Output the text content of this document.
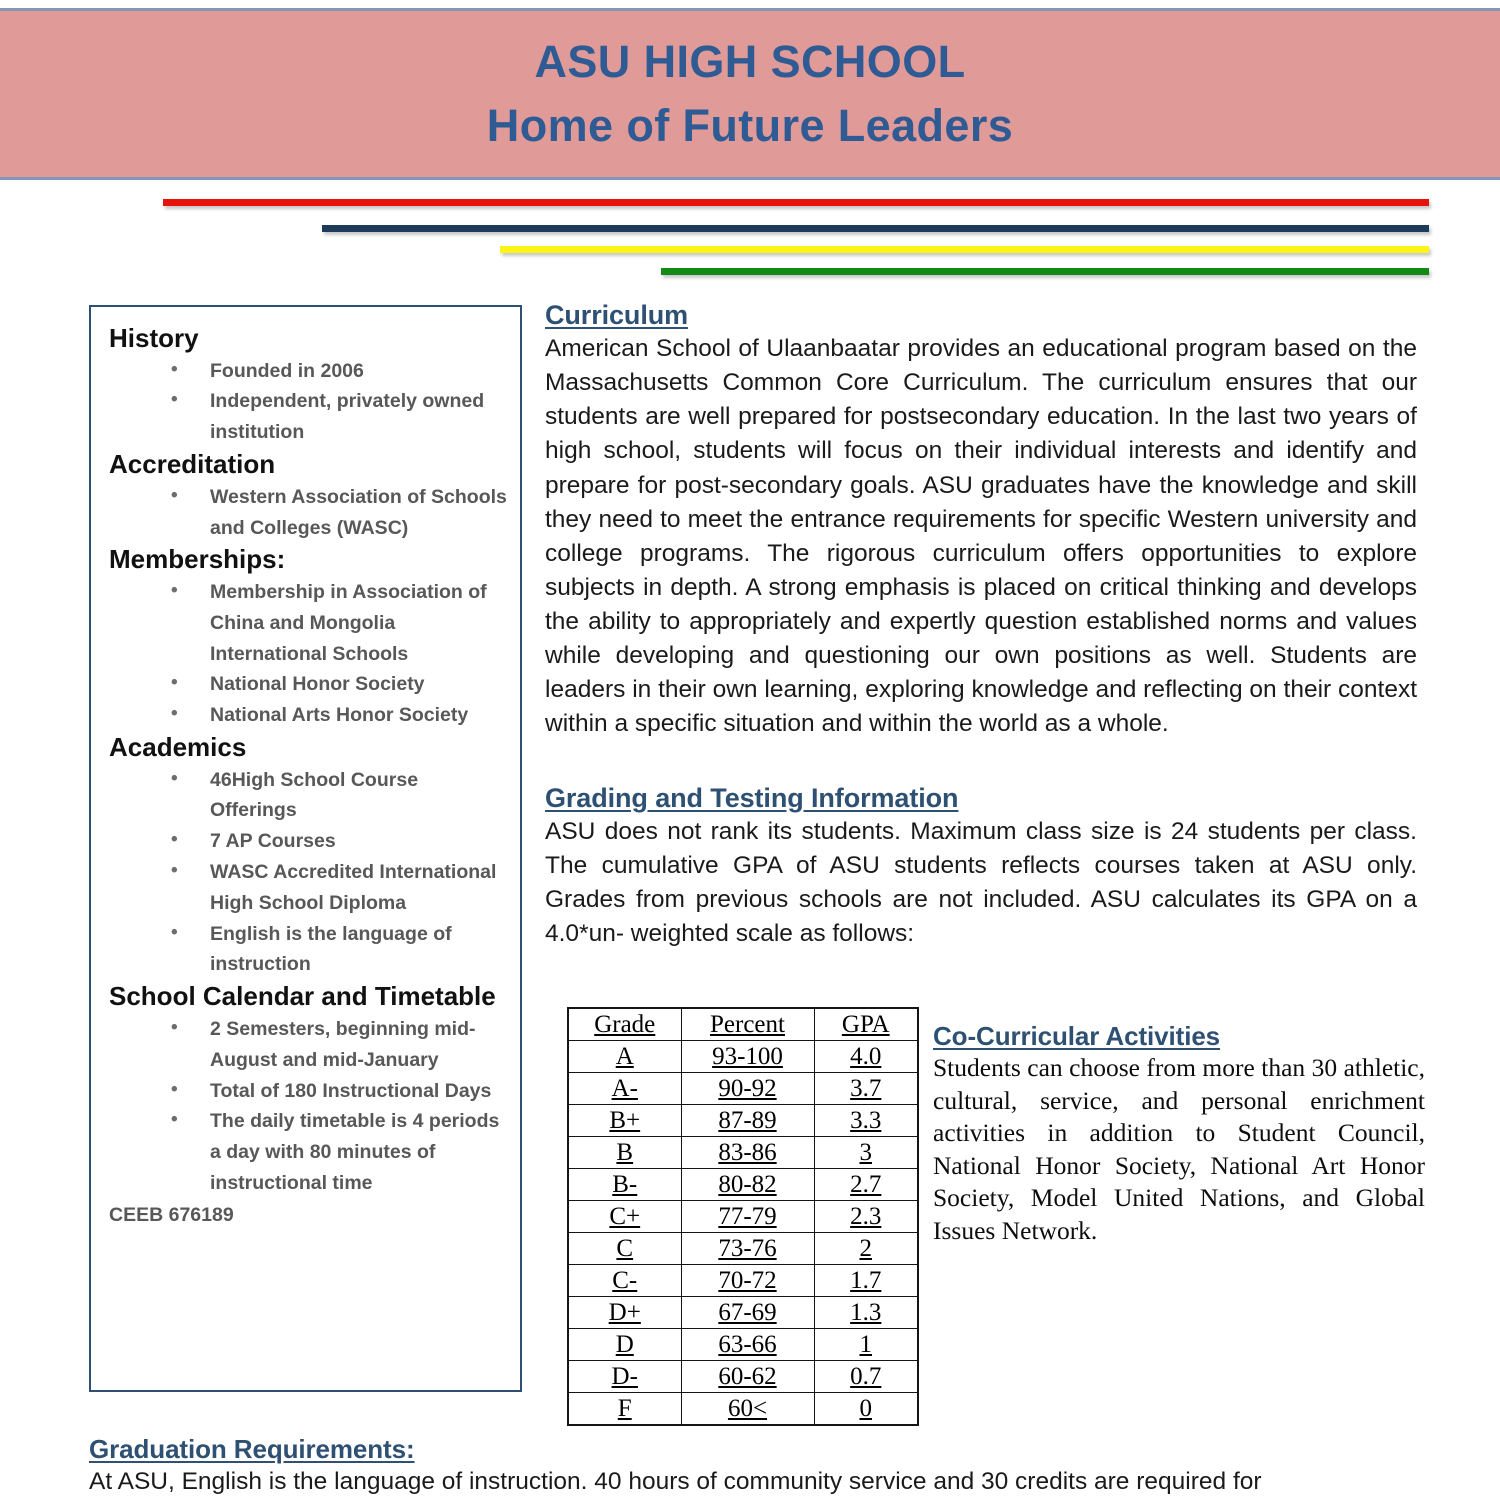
ASU HIGH SCHOOL
Home of Future Leaders
History
• Founded in 2006
• Independent, privately owned institution
Accreditation
• Western Association of Schools and Colleges (WASC)
Memberships:
• Membership in Association of China and Mongolia International Schools
• National Honor Society
• National Arts Honor Society
Academics
• 46High School Course Offerings
• 7 AP Courses
• WASC Accredited International High School Diploma
• English is the language of instruction
School Calendar and Timetable
• 2 Semesters, beginning mid-August and mid-January
• Total of 180 Instructional Days
• The daily timetable is 4 periods a day with 80 minutes of instructional time
CEEB 676189
Curriculum

American School of Ulaanbaatar provides an educational program based on the Massachusetts Common Core Curriculum. The curriculum ensures that our students are well prepared for postsecondary education. In the last two years of high school, students will focus on their individual interests and identify and prepare for post-secondary goals. ASU graduates have the knowledge and skill they need to meet the entrance requirements for specific Western university and college programs. The rigorous curriculum offers opportunities to explore subjects in depth. A strong emphasis is placed on critical thinking and develops the ability to appropriately and expertly question established norms and values while developing and questioning our own positions as well. Students are leaders in their own learning, exploring knowledge and reflecting on their context within a specific situation and within the world as a whole.

Grading and Testing Information

ASU does not rank its students. Maximum class size is 24 students per class. The cumulative GPA of ASU students reflects courses taken at ASU only. Grades from previous schools are not included. ASU calculates its GPA on a 4.0*un- weighted scale as follows:

Grade	Percent	GPA
A	93-100	4.0
A-	90-92	3.7
B+	87-89	3.3
B	83-86	3
B-	80-82	2.7
C+	77-79	2.3
C	73-76	2
C-	70-72	1.7
D+	67-69	1.3
D	63-66	1
D-	60-62	0.7
F	60<	0
Co-Curricular Activities

Students can choose from more than 30 athletic, cultural, service, and personal enrichment activities in addition to Student Council, National Honor Society, National Art Honor Society, Model United Nations, and Global Issues Network.

Graduation Requirements:

At ASU, English is the language of instruction. 40 hours of community service and 30 credits are required for
